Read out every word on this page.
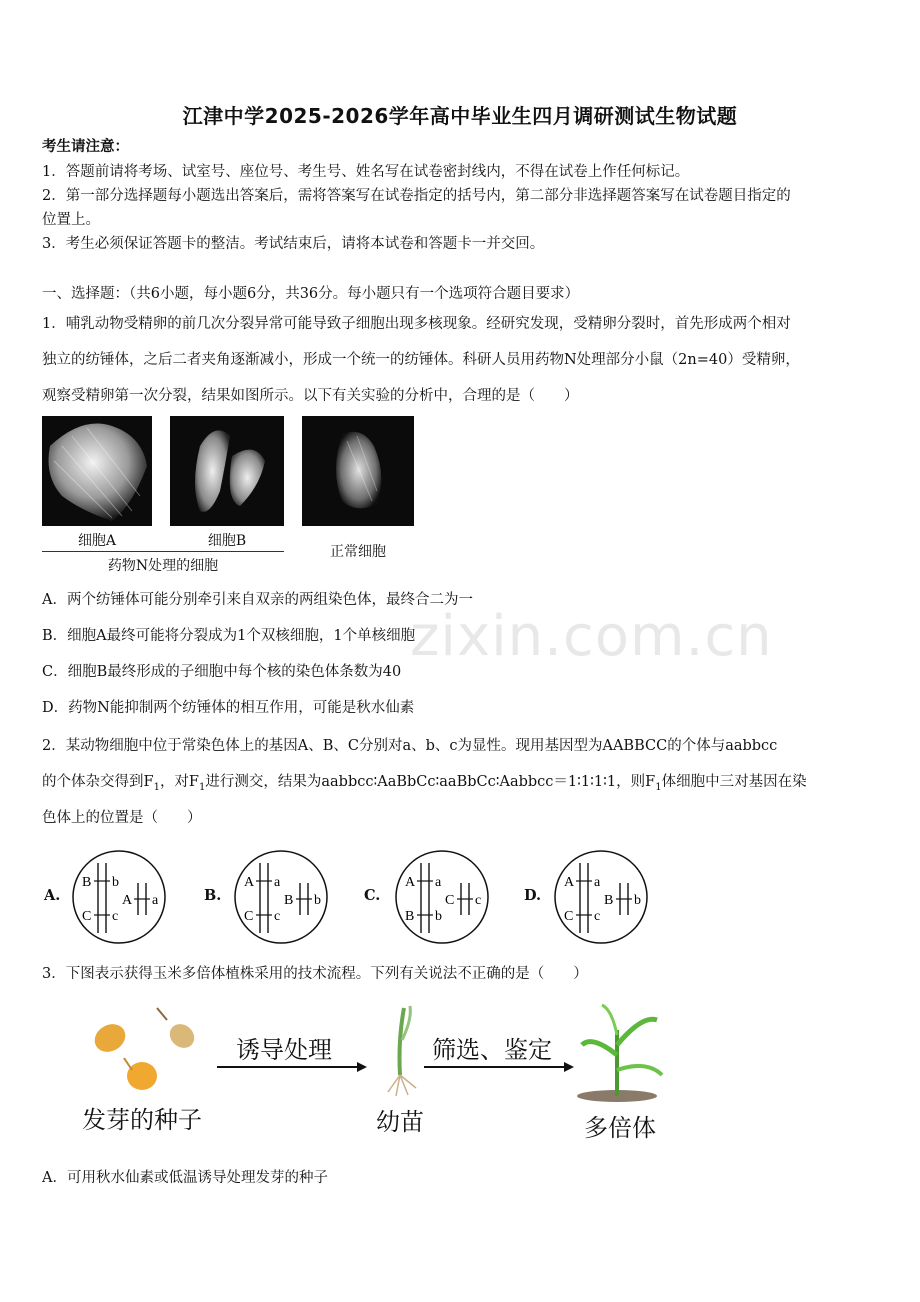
江津中学2025-2026学年高中毕业生四月调研测试生物试题
考生请注意：
1．答题前请将考场、试室号、座位号、考生号、姓名写在试卷密封线内，不得在试卷上作任何标记。
2．第一部分选择题每小题选出答案后，需将答案写在试卷指定的括号内，第二部分非选择题答案写在试卷题目指定的
位置上。
3．考生必须保证答题卡的整洁。考试结束后，请将本试卷和答题卡一并交回。
一、选择题：（共6小题，每小题6分，共36分。每小题只有一个选项符合题目要求）
1．哺乳动物受精卵的前几次分裂异常可能导致子细胞出现多核现象。经研究发现，受精卵分裂时，首先形成两个相对
独立的纺锤体，之后二者夹角逐渐减小，形成一个统一的纺锤体。科研人员用药物N处理部分小鼠（2n=40）受精卵，
观察受精卵第一次分裂，结果如图所示。以下有关实验的分析中，合理的是（　　）
细胞A	细胞B
正常细胞
药物N处理的细胞
A．两个纺锤体可能分别牵引来自双亲的两组染色体，最终合二为一
B．细胞A最终可能将分裂成为1个双核细胞，1个单核细胞
C．细胞B最终形成的子细胞中每个核的染色体条数为40
D．药物N能抑制两个纺锤体的相互作用，可能是秋水仙素
zixin.com.cn
2．某动物细胞中位于常染色体上的基因A、B、C分别对a、b、c为显性。现用基因型为AABBCC的个体与aabbcc
的个体杂交得到$F_1$，对$F_1$进行测交，结果为aabbcc∶AaBbCc∶aaBbCc∶Aabbcc＝1∶1∶1∶1，则$F_1$体细胞中三对基因在染
色体上的位置是（　　）
A.
B b
C c
A a	B.
A a
C c
B b	C.
A a
B b
C c	D.
A a
C c
B b
3．下图表示获得玉米多倍体植株采用的技术流程。下列有关说法不正确的是（　　）
发芽的种子
诱导处理
幼苗
筛选、鉴定
多倍体
A．可用秋水仙素或低温诱导处理发芽的种子
